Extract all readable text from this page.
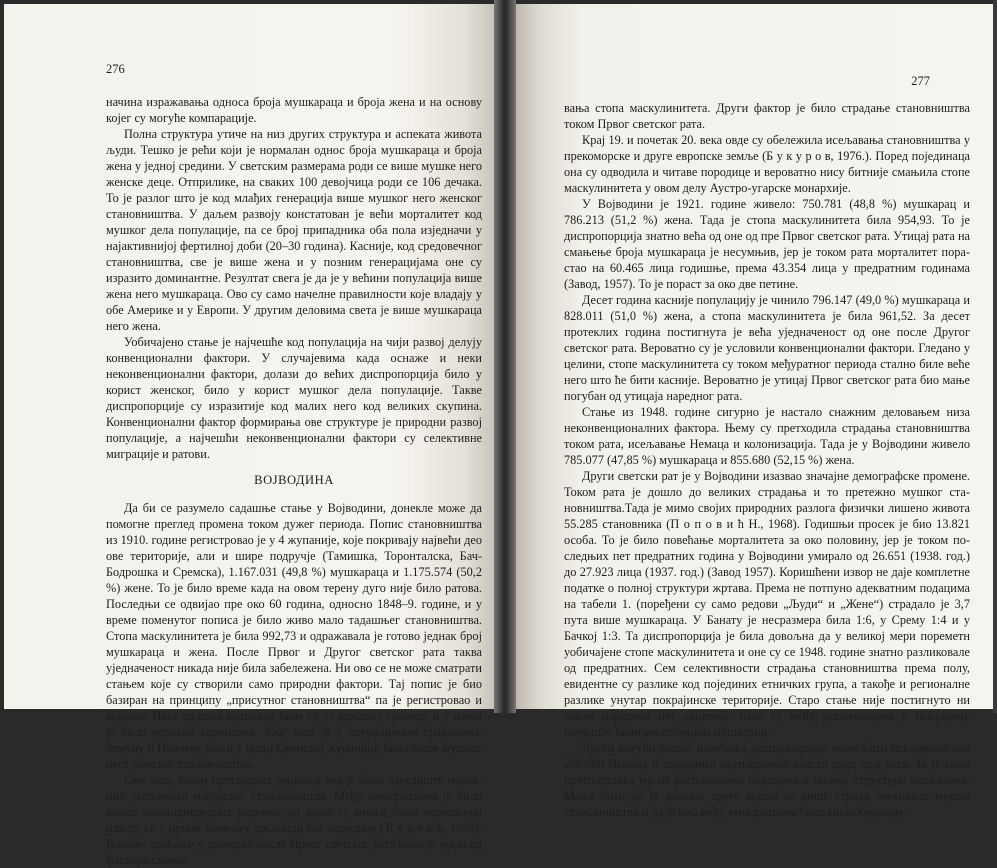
276

начина изражавања односа броја мушкараца и броја жена и на основу којег су могуће компарације.

Полна структура утиче на низ других структура и аспеката живота људи. Тешко је рећи који је нормалан однос броја мушкараца и броја жена у једној средини. У светским размерама роди се више мушке него женске деце. Отприлике, на сваких 100 девојчица роди се 106 дечака. То је разлог што је код млађих генерација више мушког него женског становништва. У даљем развоју констатован је већи морталитет код мушког дела популације, па се број припадника оба пола изједначи у најактивнијој фертилној доби (20–30 година). Касније, код средовечног становништва, све је више жена и у позним генерацијама оне су изразито доминантне. Резултат свега је да је у већини популација више жена него мушкараца. Ово су само начелне правилности које владају у обе Америке и у Европи. У другим деловима света је више мушкараца него жена.

Уобичајено стање је најчешће код популација на чији развој делују конвенционални фактори. У случајевима када оснажe и неки неконвенционални фактори, долази до већих диспропорција било у корист женског, било у корист мушког дела популације. Такве диспропорције су изразитије код малих него код великих скупина. Конвенционални фактор формирања ове структуре је природни развој популације, а најчешћи неконвенционални фактори су селективне миграције и ратови.

ВОЈВОДИНА

Да би се разумело садашње стање у Војводини, донекле може да помогне преглед промена током дужег периода. Попис становништва из 1910. године регистровао је у 4 жупаније, које покривају највећи део ове територије, али и шире подручје (Тамишка, Торонталска, Бач-Бодрошка и Сремска), 1.167.031 (49,8 %) мушкараца и 1.175.574 (50,2 %) жене. То је било време када на овом терену дуго није било ратова. Последњи се одвијао пре око 60 година, односно 1848–9. године, и у време поменутог пописа је било живо мало тадашњег становништва. Стопа маскулинитета је била 992,73 и одражавала је готово једнак број мушкараца и жена. После Првог и Другог светског рата таква уједначеност никада није била забележена. Ни ово се не може сматрати стањем које су створили само природни фактори. Тај попис је био базиран на принципу „присутног становништва“ па је регистровао и војнике. Неке од ових жупанија биле су уз државну границу и у њима је било великих гарнизона. Због тога је у пограничним градовима, Земуну и Панчеву, као и у целој Сремској жупанији, било више мушког него женског становништва.

Сем тога, током претходних деценија ово је било одредиште масовних усељавања мађарског становништва. Међу имигрантима је било много пољопривредних радника, од којих су многи били неожењени или су се у првом моменту доселили без породице (Ћ у р ч и ћ, 1995). Њихово враћање у домицил после Првог светског рата било је један од фактора смањи-

277

вања стопа маскулинитета. Други фактор је било страдање становништва током Првог светског рата.

Крај 19. и почетак 20. века овде су обележила исељавања становништва у прекоморске и друге европске земље (Б у к у р о в, 1976.). Поред појединаца она су одводила и читаве породице и вероватно нису битније смањила стопе маскулинитета у овом делу Аустро-угарске монархије.

У Војводини је 1921. године живело: 750.781 (48,8 %) мушкарац и 786.213 (51,2 %) жена. Тада је стопа маскулинитета била 954,93. То је диспропорција знатно већа од оне од пре Првог светског рата. Утицај рата на смањење броја мушкараца је несумњив, јер је током рата морталитет порастао на 60.465 лица годишње, према 43.354 лица у предратним годинама (Завод, 1957). То је пораст за око две петине.

Десет година касније популацију је чинило 796.147 (49,0 %) мушкараца и 828.011 (51,0 %) жена, а стопа маскулинитета је била 961,52. За десет протеклих година постигнута је већа уједначеност од оне после Другог светског рата. Вероватно су је условили конвенционални фактори. Гледано у целини, стопе маскулинитета су током међуратног периода стално биле веће него што ће бити касније. Вероватно је утицај Првог светског рата био мање погубан од утицаја наредног рата.

Стање из 1948. године сигурно је настало снажним деловањем низа неконвенционалних фактора. Њему су претходила страдања становништва током рата, исељавање Немаца и колонизација. Тада је у Војводини живело 785.077 (47,85 %) мушкараца и 855.680 (52,15 %) жена.

Други светски рат је у Војводини изазвао значајне демографске промене. Током рата је дошло до великих страдања и то претежно мушког становништва.Тада је мимо својих природних разлога физички лишено живота 55.285 становника (П о п о в и ћ Н., 1968). Годишњи просек је био 13.821 особа. То је било повећање морталитета за око половину, јер је током последњих пет предратних година у Војводини умирало од 26.651 (1938. год.) до 27.923 лица (1937. год.) (Завод 1957). Коришћени извор не даје комплетне податке о полној структури жртава. Према не потпуно адекватним подацима на табели 1. (поређени су само редови „Људи“ и „Жене“) страдало је 3,7 пута више мушкараца. У Банату је несразмера била 1:6, у Срему 1:4 и у Бачкој 1:3. Та диспропорција је била довољна да у великој мери пореметн уобичајене стопе маскулинитета и оне су се 1948. године знатно разликовале од предратних. Сем селективности страдања становништва према полу, евидентне су разлике код појединих етничких група, а такође и регионалне разлике унутар покрајинске територије. Старо стање није постигнуто ни током наредних пет деценија, иако су мећу усељеницима у Покрајину најчешће били многобројни мушкарци.

Други могући разлог повећања диспропорције може бити исељавање око 250.000 Немаца и сарадника окупационих власти пред крај рата. То је само претпоставка јер не располажемо подацима о полној структури исељеника. Може бити да је долазак друге војске са више страха очекивало мушко становништво и да је оно међу емигрантима било многобројније.
